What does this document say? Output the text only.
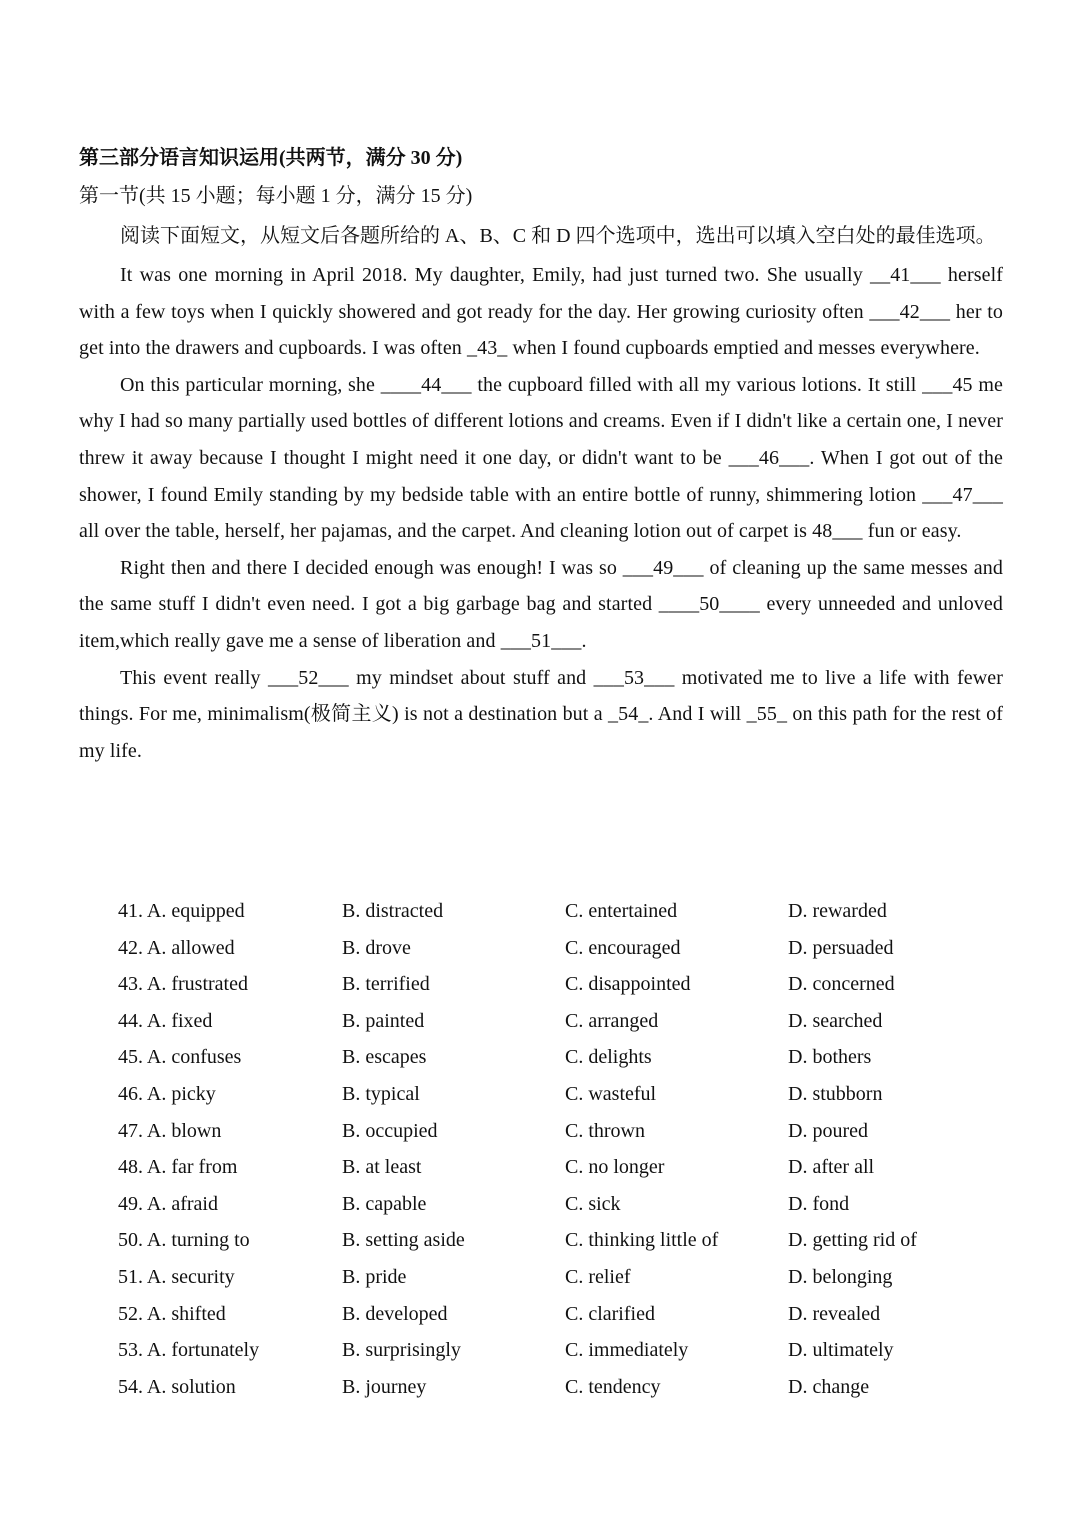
第三部分语言知识运用(共两节，满分 30 分)

第一节(共 15 小题；每小题 1 分，满分 15 分)

阅读下面短文，从短文后各题所给的 A、B、C 和 D 四个选项中，选出可以填入空白处的最佳选项。

It was one morning in April 2018. My daughter, Emily, had just turned two. She usually __41___ herself with a few toys when I quickly showered and got ready for the day. Her growing curiosity often ___42___ her to get into the drawers and cupboards. I was often _43_ when I found cupboards emptied and messes everywhere.

On this particular morning, she ____44___ the cupboard filled with all my various lotions. It still ___45 me why I had so many partially used bottles of different lotions and creams. Even if I didn't like a certain one, I never threw it away because I thought I might need it one day, or didn't want to be ___46___. When I got out of the shower, I found Emily standing by my bedside table with an entire bottle of runny, shimmering lotion ___47___ all over the table, herself, her pajamas, and the carpet. And cleaning lotion out of carpet is 48___ fun or easy.

Right then and there I decided enough was enough! I was so ___49___ of cleaning up the same messes and the same stuff I didn't even need. I got a big garbage bag and started ____50____ every unneeded and unloved item,which really gave me a sense of liberation and ___51___.

This event really ___52___ my mindset about stuff and ___53___ motivated me to live a life with fewer things. For me, minimalism(极简主义) is not a destination but a _54_. And I will _55_ on this path for the rest of my life.

41. A. equipped	B. distracted	C. entertained	D. rewarded
42. A. allowed	B. drove	C. encouraged	D. persuaded
43. A. frustrated	B. terrified	C. disappointed	D. concerned
44. A. fixed	B. painted	C. arranged	D. searched
45. A. confuses	B. escapes	C. delights	D. bothers
46. A. picky	B. typical	C. wasteful	D. stubborn
47. A. blown	B. occupied	C. thrown	D. poured
48. A. far from	B. at least	C. no longer	D. after all
49. A. afraid	B. capable	C. sick	D. fond
50. A. turning to	B. setting aside	C. thinking little of	D. getting rid of
51. A. security	B. pride	C. relief	D. belonging
52. A. shifted	B. developed	C. clarified	D. revealed
53. A. fortunately	B. surprisingly	C. immediately	D. ultimately
54. A. solution	B. journey	C. tendency	D. change
